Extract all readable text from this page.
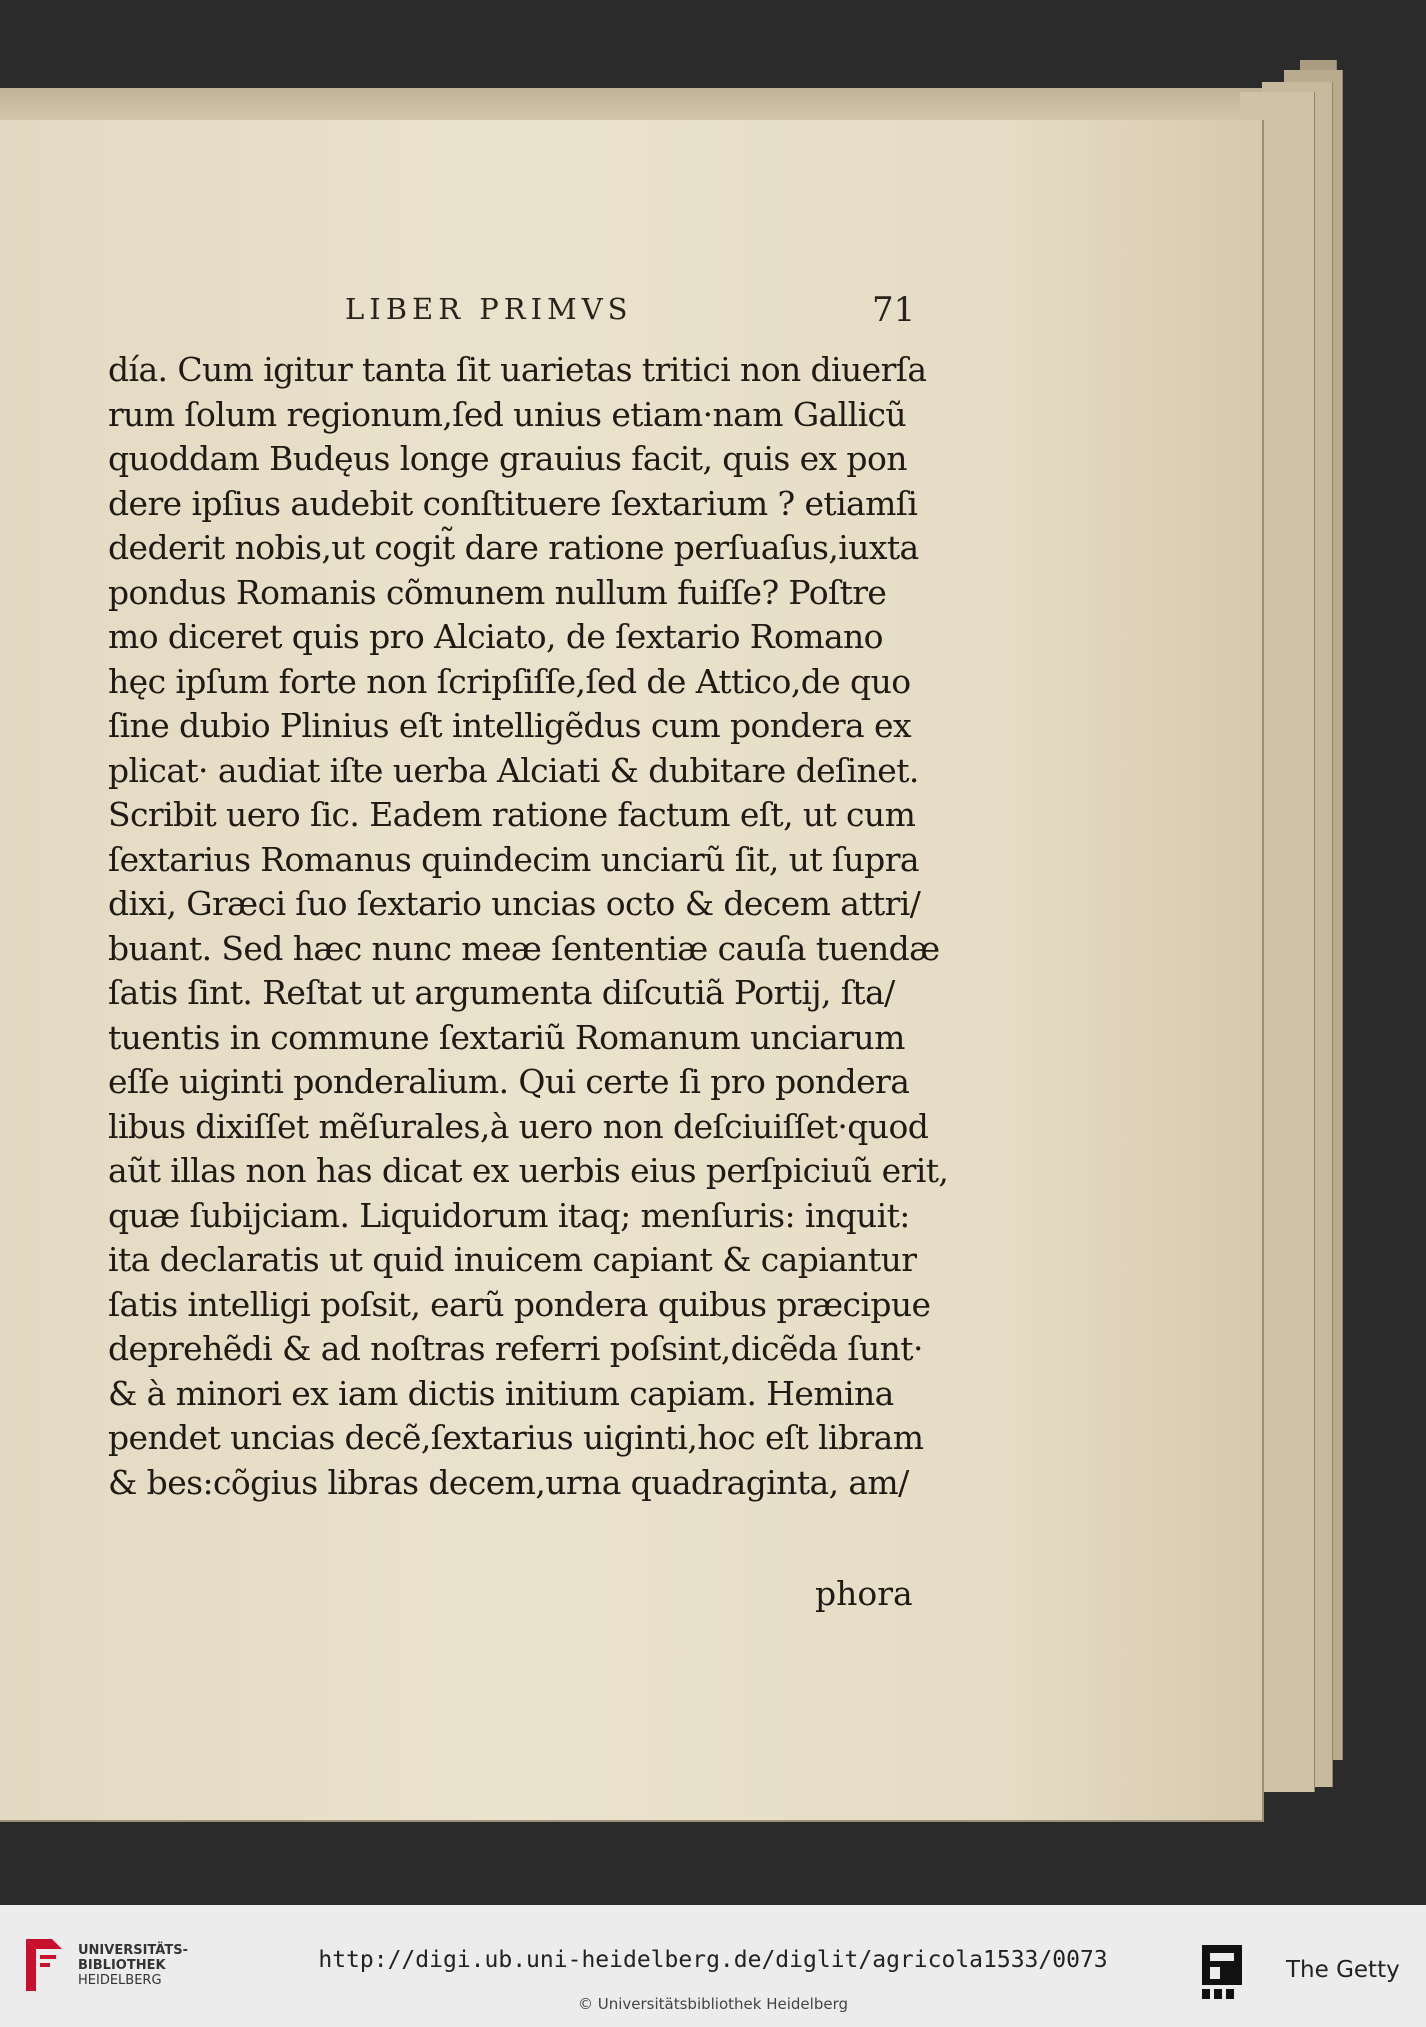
LIBER PRIMVS	71
día. Cum igitur tanta ſit uarietas tritici non diuerſa
rum ſolum regionum,ſed unius etiam·nam Gallicũ
quoddam Budęus longe grauius facit, quis ex pon
dere ipſius audebit conſtituere ſextarium ? etiamſi
dederit nobis,ut cogit̃ dare ratione perſuaſus,iuxta
pondus Romanis cõmunem nullum fuiſſe? Poſtre
mo diceret quis pro Alciato, de ſextario Romano
hęc ipſum forte non ſcripſiſſe,ſed de Attico,de quo
ſine dubio Plinius eſt intelligẽdus cum pondera ex
plicat· audiat iſte uerba Alciati & dubitare deſinet.
Scribit uero ſic. Eadem ratione factum eſt, ut cum
ſextarius Romanus quindecim unciarũ ſit, ut ſupra
dixi, Græci ſuo ſextario uncias octo & decem attri/
buant. Sed hæc nunc meæ ſententiæ cauſa tuendæ
ſatis ſint. Reſtat ut argumenta diſcutiã Portij, ſta/
tuentis in commune ſextariũ Romanum unciarum
eſſe uiginti ponderalium. Qui certe ſi pro pondera
libus dixiſſet mẽſurales,à uero non deſciuiſſet·quod
aũt illas non has dicat ex uerbis eius perſpiciuũ erit,
quæ ſubijciam. Liquidorum itaq; menſuris: inquit:
ita declaratis ut quid inuicem capiant & capiantur
ſatis intelligi poſsit, earũ pondera quibus præcipue
deprehẽdi & ad noſtras referri poſsint,dicẽda ſunt·
& à minori ex iam dictis initium capiam. Hemina
pendet uncias decẽ,ſextarius uiginti,hoc eſt libram
& bes:cõgius libras decem,urna quadraginta, am/
phora
UNIVERSITÄTS-
BIBLIOTHEK
HEIDELBERG
http://digi.ub.uni-heidelberg.de/diglit/agricola1533/0073
© Universitätsbibliothek Heidelberg
The Getty
